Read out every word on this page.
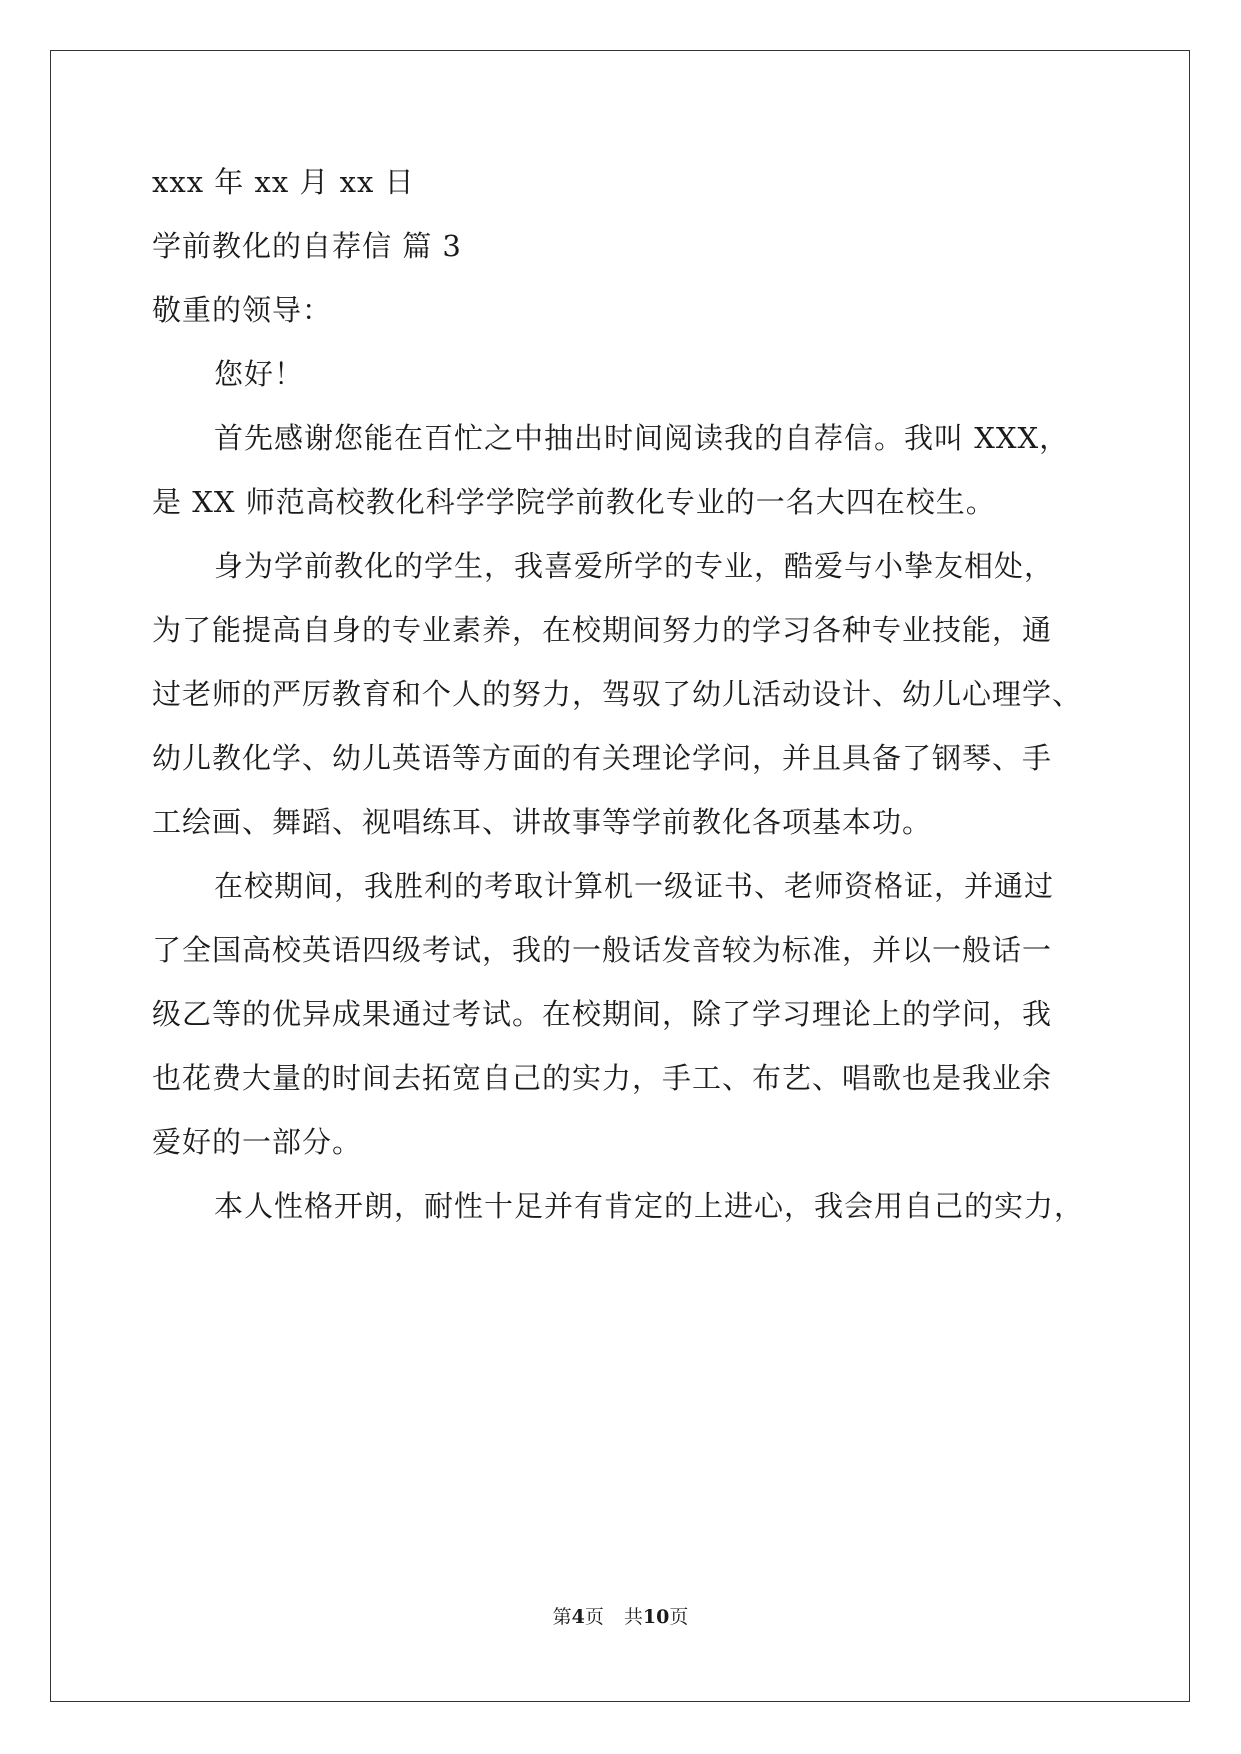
xxx 年 xx 月 xx 日
学前教化的自荐信 篇 3
敬重的领导：
您好！
首先感谢您能在百忙之中抽出时间阅读我的自荐信。我叫 XXX，
是 XX 师范高校教化科学学院学前教化专业的一名大四在校生。
身为学前教化的学生，我喜爱所学的专业，酷爱与小挚友相处，
为了能提高自身的专业素养，在校期间努力的学习各种专业技能，通
过老师的严厉教育和个人的努力，驾驭了幼儿活动设计、幼儿心理学、
幼儿教化学、幼儿英语等方面的有关理论学问，并且具备了钢琴、手
工绘画、舞蹈、视唱练耳、讲故事等学前教化各项基本功。
在校期间，我胜利的考取计算机一级证书、老师资格证，并通过
了全国高校英语四级考试，我的一般话发音较为标准，并以一般话一
级乙等的优异成果通过考试。在校期间，除了学习理论上的学问，我
也花费大量的时间去拓宽自己的实力，手工、布艺、唱歌也是我业余
爱好的一部分。
本人性格开朗，耐性十足并有肯定的上进心，我会用自己的实力，
第4页 共10页
